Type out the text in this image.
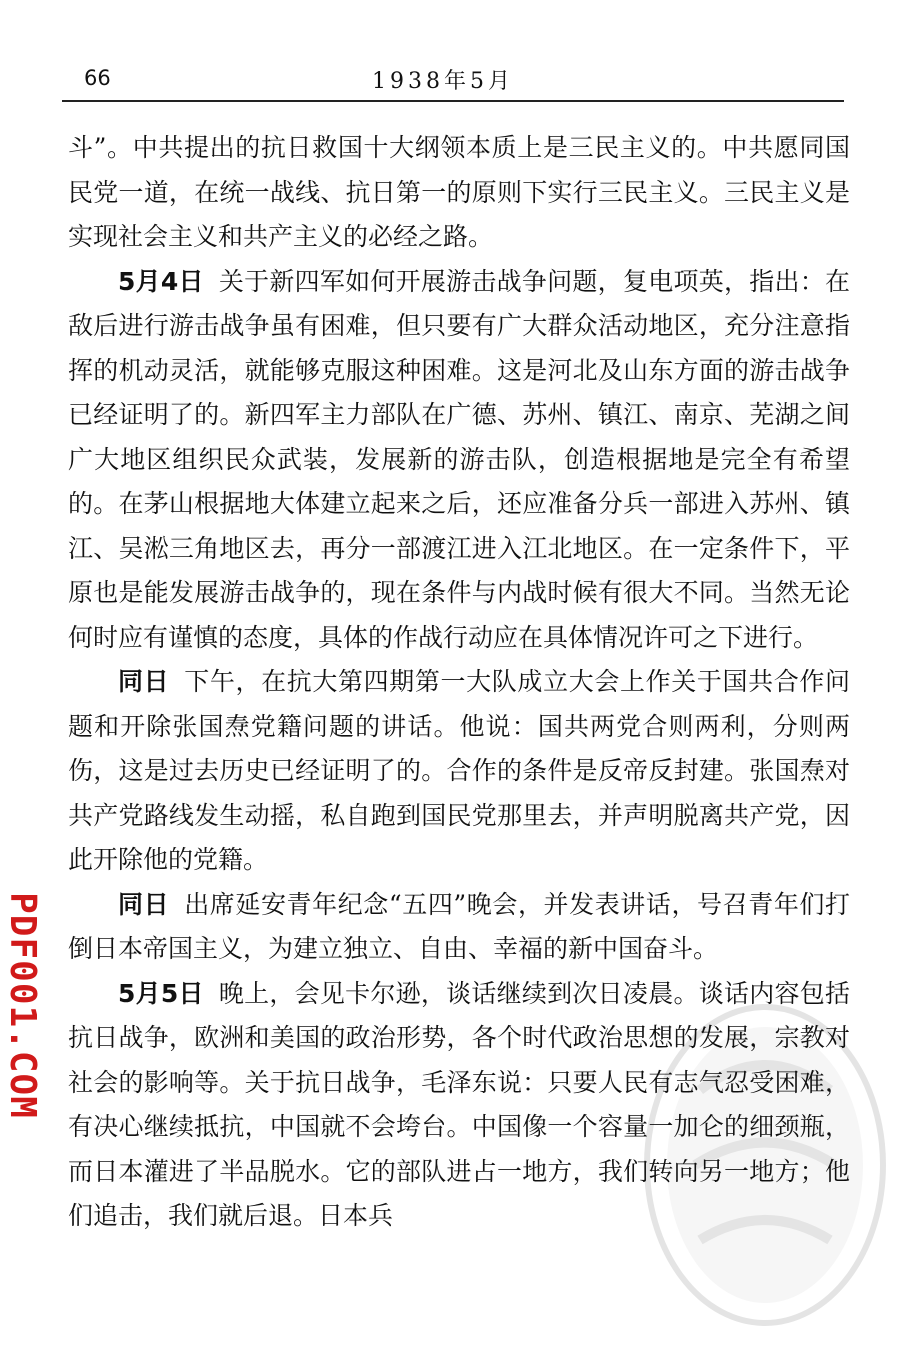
66	1938年5月

斗”。中共提出的抗日救国十大纲领本质上是三民主义的。中共愿同国民党一道，在统一战线、抗日第一的原则下实行三民主义。三民主义是实现社会主义和共产主义的必经之路。

5月4日 关于新四军如何开展游击战争问题，复电项英，指出：在敌后进行游击战争虽有困难，但只要有广大群众活动地区，充分注意指挥的机动灵活，就能够克服这种困难。这是河北及山东方面的游击战争已经证明了的。新四军主力部队在广德、苏州、镇江、南京、芜湖之间广大地区组织民众武装，发展新的游击队，创造根据地是完全有希望的。在茅山根据地大体建立起来之后，还应准备分兵一部进入苏州、镇江、吴淞三角地区去，再分一部渡江进入江北地区。在一定条件下，平原也是能发展游击战争的，现在条件与内战时候有很大不同。当然无论何时应有谨慎的态度，具体的作战行动应在具体情况许可之下进行。

同日 下午，在抗大第四期第一大队成立大会上作关于国共合作问题和开除张国焘党籍问题的讲话。他说：国共两党合则两利，分则两伤，这是过去历史已经证明了的。合作的条件是反帝反封建。张国焘对共产党路线发生动摇，私自跑到国民党那里去，并声明脱离共产党，因此开除他的党籍。

同日 出席延安青年纪念“五四”晚会，并发表讲话，号召青年们打倒日本帝国主义，为建立独立、自由、幸福的新中国奋斗。

5月5日 晚上，会见卡尔逊，谈话继续到次日凌晨。谈话内容包括抗日战争，欧洲和美国的政治形势，各个时代政治思想的发展，宗教对社会的影响等。关于抗日战争，毛泽东说：只要人民有志气忍受困难，有决心继续抵抗，中国就不会垮台。中国像一个容量一加仑的细颈瓶，而日本灌进了半品脱水。它的部队进占一地方，我们转向另一地方；他们追击，我们就后退。日本兵

PDF001.COM
